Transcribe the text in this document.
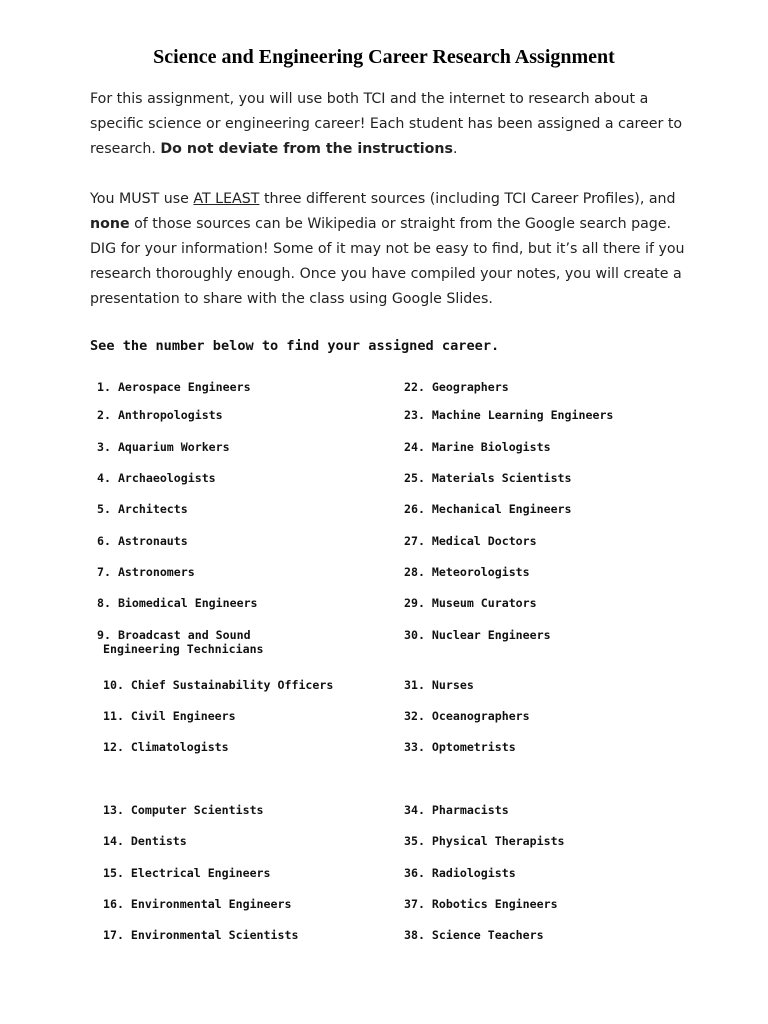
Science and Engineering Career Research Assignment

For this assignment, you will use both TCI and the internet to research about a specific science or engineering career! Each student has been assigned a career to research. Do not deviate from the instructions.

You MUST use AT LEAST three different sources (including TCI Career Profiles), and none of those sources can be Wikipedia or straight from the Google search page. DIG for your information! Some of it may not be easy to find, but it’s all there if you research thoroughly enough. Once you have compiled your notes, you will create a presentation to share with the class using Google Slides.

See the number below to find your assigned career.
1. Aerospace Engineers
2. Anthropologists
3. Aquarium Workers
4. Archaeologists
5. Architects
6. Astronauts
7. Astronomers
8. Biomedical Engineers
9. Broadcast and Sound
Engineering Technicians
10. Chief Sustainability Officers
11. Civil Engineers
12. Climatologists
13. Computer Scientists
14. Dentists
15. Electrical Engineers
16. Environmental Engineers
17. Environmental Scientists
22. Geographers
23. Machine Learning Engineers
24. Marine Biologists
25. Materials Scientists
26. Mechanical Engineers
27. Medical Doctors
28. Meteorologists
29. Museum Curators
30. Nuclear Engineers
31. Nurses
32. Oceanographers
33. Optometrists
34. Pharmacists
35. Physical Therapists
36. Radiologists
37. Robotics Engineers
38. Science Teachers
